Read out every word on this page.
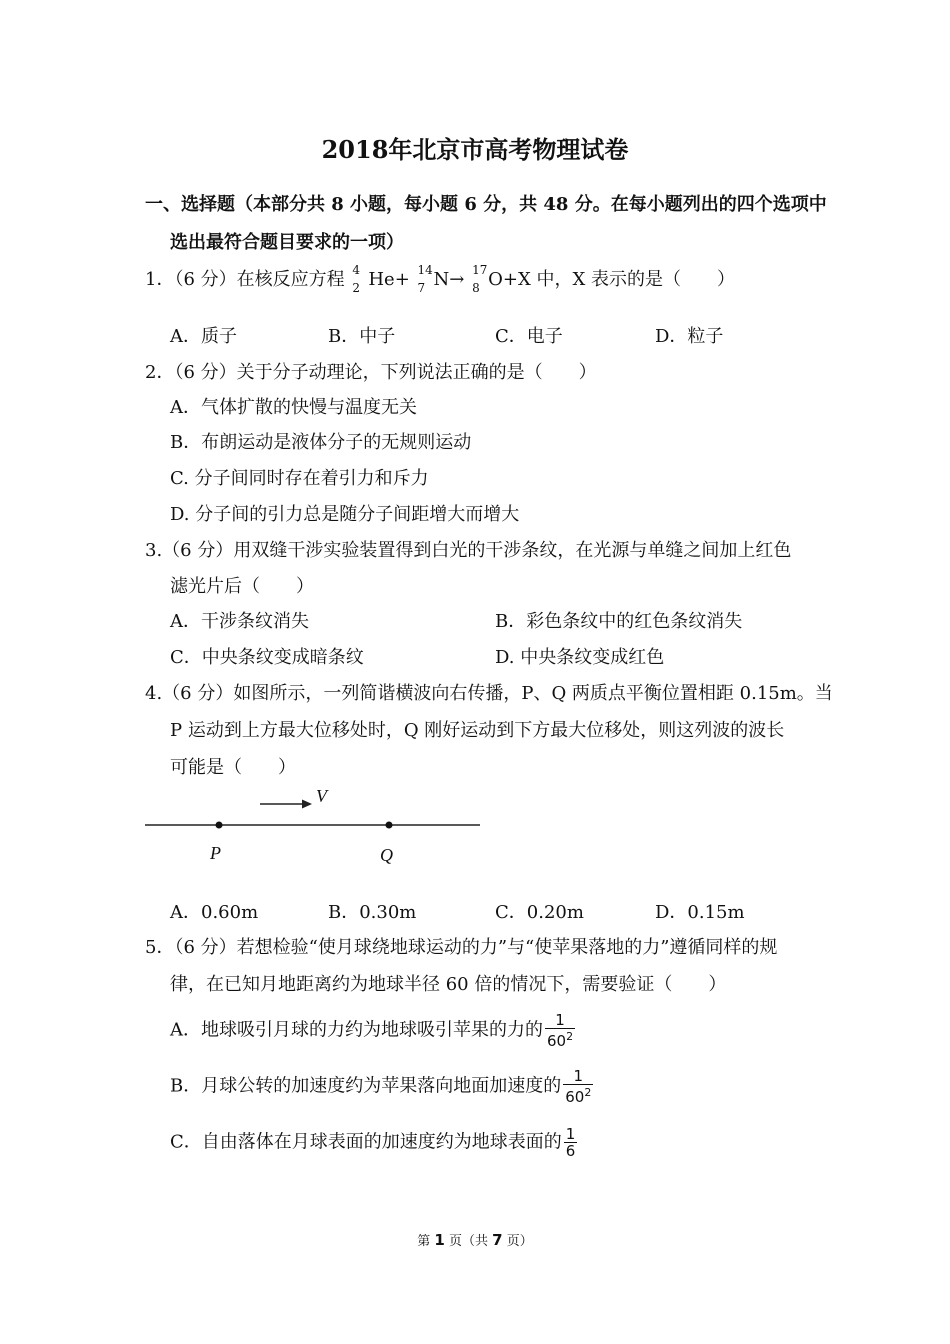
2018年北京市高考物理试卷
一、选择题（本部分共 8 小题，每小题 6 分，共 48 分。在每小题列出的四个选项中
选出最符合题目要求的一项）
1．（6 分）在核反应方程 4
2 He+ 14
7 N→ 17
8 O+X 中，X 表示的是（　　）
A．质子	B．中子	C．电子	D．粒子
2．（6 分）关于分子动理论，下列说法正确的是（　　）
A．气体扩散的快慢与温度无关
B．布朗运动是液体分子的无规则运动
C. 分子间同时存在着引力和斥力
D. 分子间的引力总是随分子间距增大而增大
3.（6 分）用双缝干涉实验装置得到白光的干涉条纹，在光源与单缝之间加上红色
滤光片后（　　）
A．干涉条纹消失	B．彩色条纹中的红色条纹消失
C．中央条纹变成暗条纹	D. 中央条纹变成红色
4.（6 分）如图所示，一列简谐横波向右传播，P、Q 两质点平衡位置相距 0.15m。当
P 运动到上方最大位移处时，Q 刚好运动到下方最大位移处，则这列波的波长
可能是（　　）
V
P	Q
A．0.60m	B．0.30m	C．0.20m	D．0.15m
5．（6 分）若想检验“使月球绕地球运动的力”与“使苹果落地的力”遵循同样的规
律，在已知月地距离约为地球半径 60 倍的情况下，需要验证（　　）
A．地球吸引月球的力约为地球吸引苹果的力的 $\frac{1}{60^2}$
B．月球公转的加速度约为苹果落向地面加速度的 $\frac{1}{60^2}$
C．自由落体在月球表面的加速度约为地球表面的 $\frac{1}{6}$
第 1 页（共 7 页）
